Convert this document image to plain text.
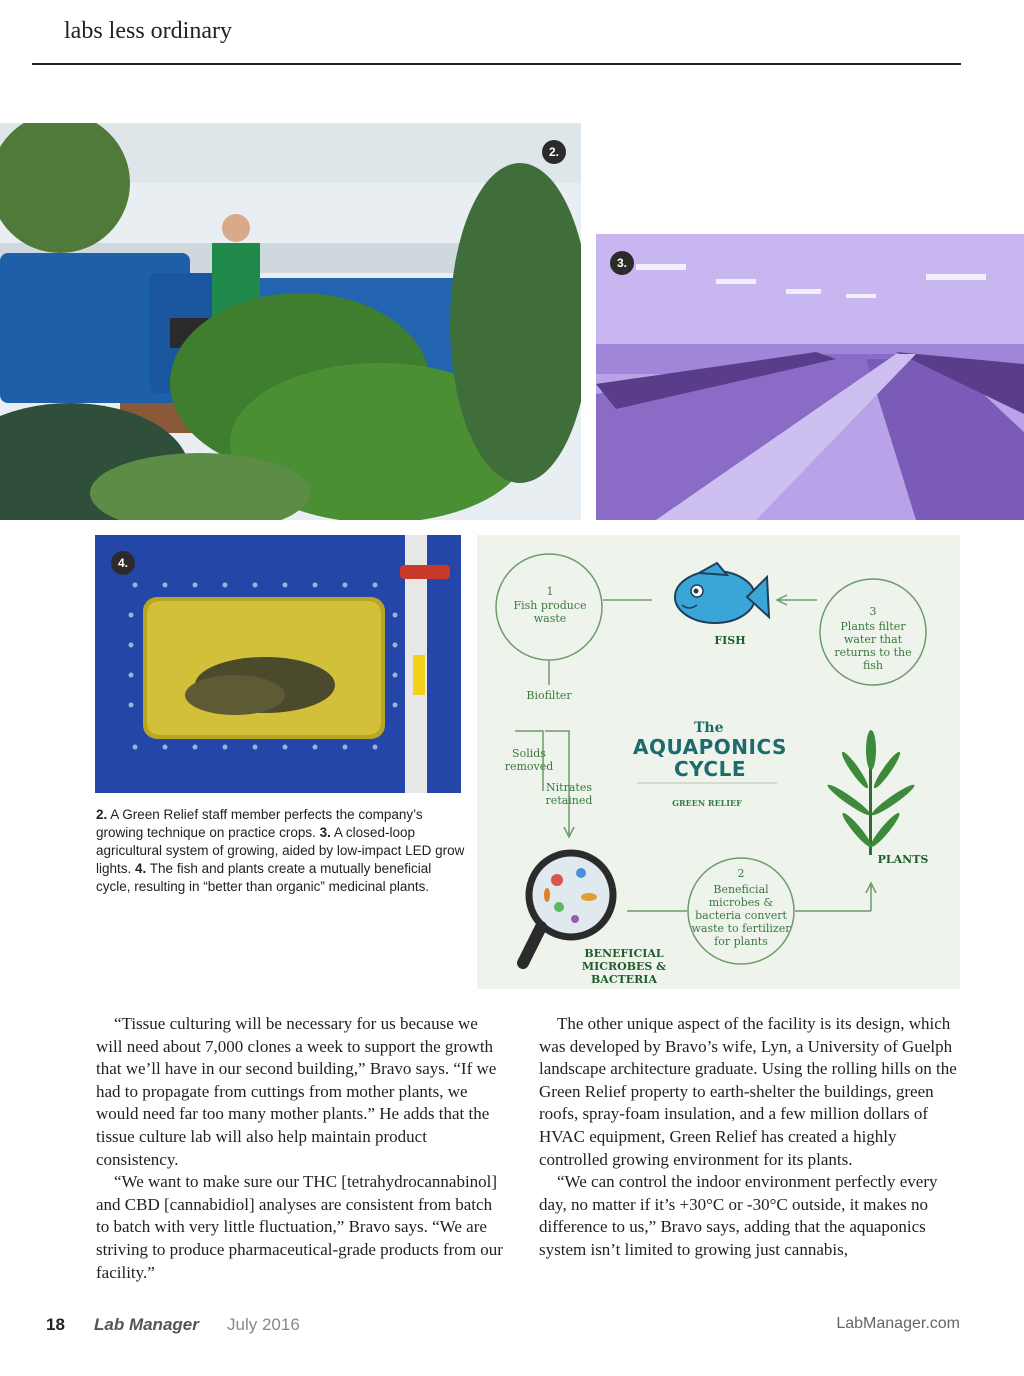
labs less ordinary
2.
3.
4.
2. A Green Relief staff member perfects the company’s growing technique on practice crops. 3. A closed-loop agricultural system of growing, aided by low-impact LED grow lights. 4. The fish and plants create a mutually beneficial cycle, resulting in “better than organic” medicinal plants.
1
Fish produce waste
FISH
3
Plants filter water that returns to the fish
Biofilter
Solids removed
Nitrates retained
The
AQUAPONICS CYCLE
GREEN RELIEF
PLANTS
2
Beneficial microbes & bacteria convert waste to fertilizer for plants
BENEFICIAL MICROBES & BACTERIA

“Tissue culturing will be necessary for us because we will need about 7,000 clones a week to support the growth that we’ll have in our second building,” Bravo says. “If we had to propagate from cuttings from mother plants, we would need far too many mother plants.” He adds that the tissue culture lab will also help maintain product consistency.

“We want to make sure our THC [tetrahydrocannabinol] and CBD [cannabidiol] analyses are consistent from batch to batch with very little fluctuation,” Bravo says. “We are striving to produce pharmaceutical-grade products from our facility.”

The other unique aspect of the facility is its design, which was developed by Bravo’s wife, Lyn, a University of Guelph landscape architecture graduate. Using the rolling hills on the Green Relief property to earth-shelter the buildings, green roofs, spray-foam insulation, and a few million dollars of HVAC equipment, Green Relief has created a highly controlled growing environment for its plants.

“We can control the indoor environment perfectly every day, no matter if it’s +30°C or -30°C outside, it makes no difference to us,” Bravo says, adding that the aquaponics system isn’t limited to growing just cannabis,

18 Lab Manager July 2016	LabManager.com
